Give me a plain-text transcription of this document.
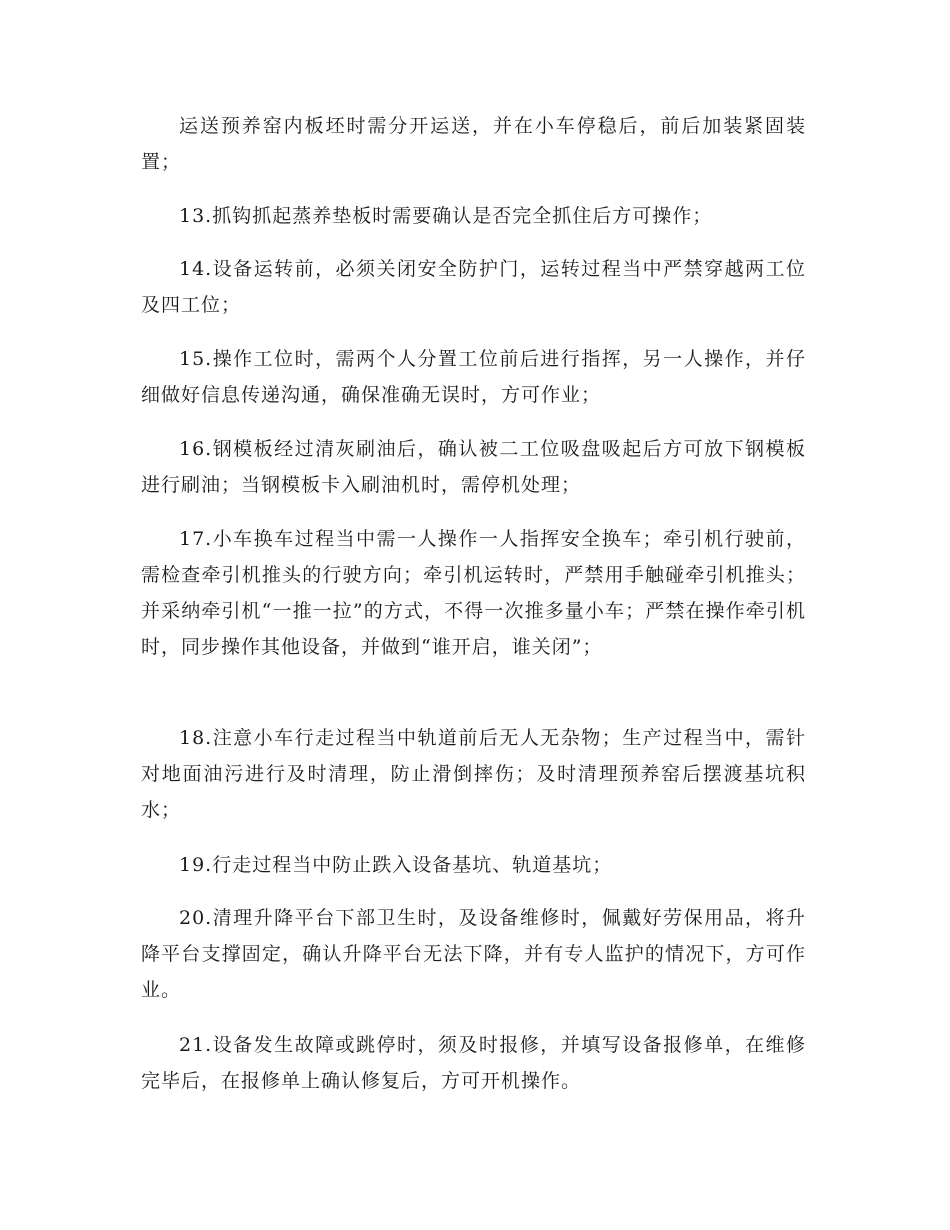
运送预养窑内板坯时需分开运送，并在小车停稳后，前后加装紧固装置；

13.抓钩抓起蒸养垫板时需要确认是否完全抓住后方可操作；

14.设备运转前，必须关闭安全防护门，运转过程当中严禁穿越两工位及四工位；

15.操作工位时，需两个人分置工位前后进行指挥，另一人操作，并仔细做好信息传递沟通，确保准确无误时，方可作业；

16.钢模板经过清灰刷油后，确认被二工位吸盘吸起后方可放下钢模板进行刷油；当钢模板卡入刷油机时，需停机处理；

17.小车换车过程当中需一人操作一人指挥安全换车；牵引机行驶前，需检查牵引机推头的行驶方向；牵引机运转时，严禁用手触碰牵引机推头；并采纳牵引机“一推一拉”的方式，不得一次推多量小车；严禁在操作牵引机时，同步操作其他设备，并做到“谁开启，谁关闭”；

18.注意小车行走过程当中轨道前后无人无杂物；生产过程当中，需针对地面油污进行及时清理，防止滑倒摔伤；及时清理预养窑后摆渡基坑积水；

19.行走过程当中防止跌入设备基坑、轨道基坑；

20.清理升降平台下部卫生时，及设备维修时，佩戴好劳保用品，将升降平台支撑固定，确认升降平台无法下降，并有专人监护的情况下，方可作业。

21.设备发生故障或跳停时，须及时报修，并填写设备报修单，在维修完毕后，在报修单上确认修复后，方可开机操作。
